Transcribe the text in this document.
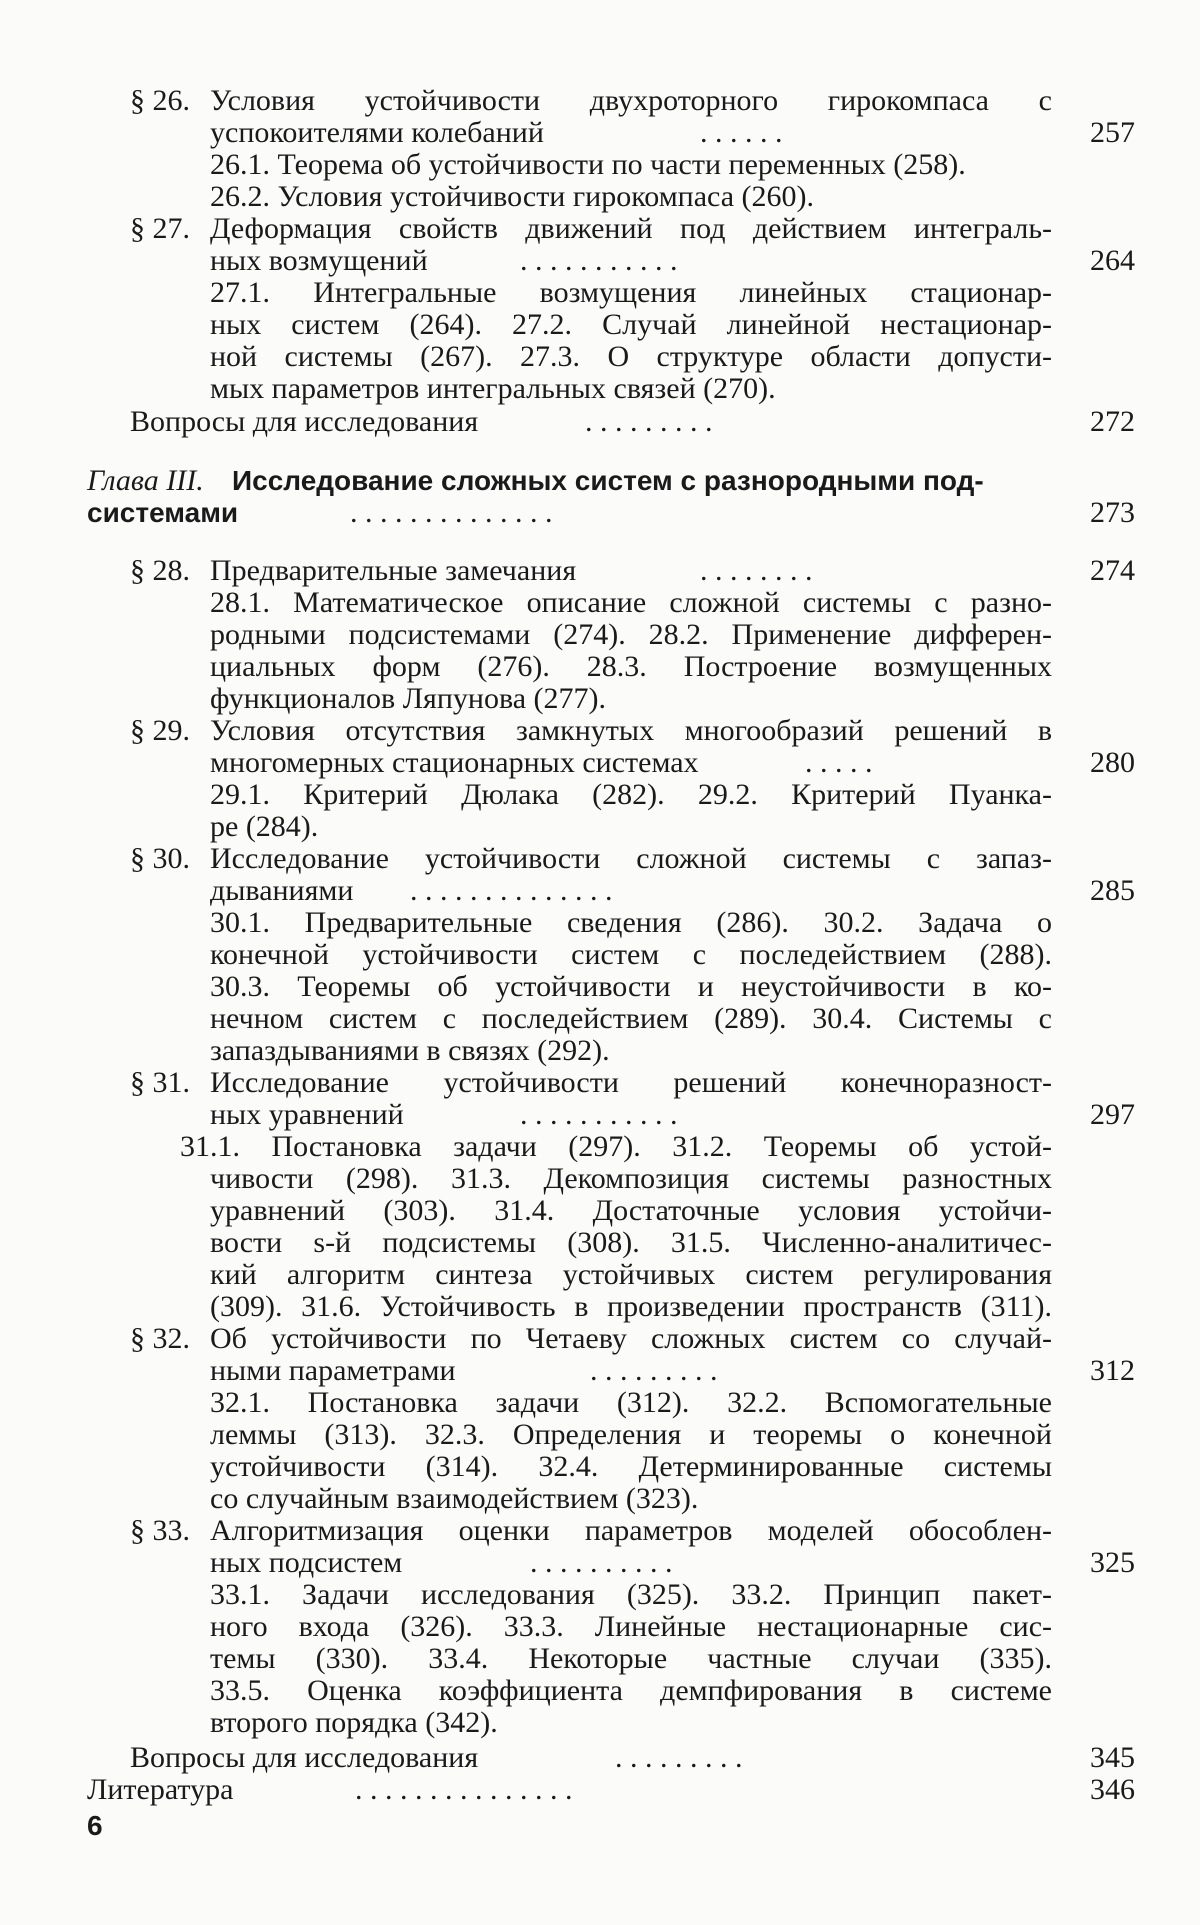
§ 26. Условия устойчивости двухроторного гирокомпаса с
успокоителями колебаний	. . . . . .	257
26.1. Теорема об устойчивости по части переменных (258).
26.2. Условия устойчивости гирокомпаса (260).
§ 27. Деформация свойств движений под действием интеграль-
ных возмущений	. . . . . . . . . . .	264
27.1. Интегральные возмущения линейных стационар-
ных систем (264). 27.2. Случай линейной нестационар-
ной системы (267). 27.3. О структуре области допусти-
мых параметров интегральных связей (270).
Вопросы для исследования	. . . . . . . . .	272
Глава III. Исследование сложных систем с разнородными под-
системами	. . . . . . . . . . . . . .	273
§ 28. Предварительные замечания	. . . . . . . .	274
28.1. Математическое описание сложной системы с разно-
родными подсистемами (274). 28.2. Применение дифферен-
циальных форм (276). 28.3. Построение возмущенных
функционалов Ляпунова (277).
§ 29. Условия отсутствия замкнутых многообразий решений в
многомерных стационарных системах	. . . . .	280
29.1. Критерий Дюлака (282). 29.2. Критерий Пуанка-
ре (284).
§ 30. Исследование устойчивости сложной системы с запаз-
дываниями . . . . . . . . . . . . . .	285
30.1. Предварительные сведения (286). 30.2. Задача о
конечной устойчивости систем с последействием (288).
30.3. Теоремы об устойчивости и неустойчивости в ко-
нечном систем с последействием (289). 30.4. Системы с
запаздываниями в связях (292).
§ 31. Исследование устойчивости решений конечноразност-
ных уравнений	. . . . . . . . . . .	297
31.1. Постановка задачи (297). 31.2. Теоремы об устой-
чивости (298). 31.3. Декомпозиция системы разностных
уравнений (303). 31.4. Достаточные условия устойчи-
вости s-й подсистемы (308). 31.5. Численно-аналитичес-
кий алгоритм синтеза устойчивых систем регулирования
(309). 31.6. Устойчивость в произведении пространств (311).
§ 32. Об устойчивости по Четаеву сложных систем со случай-
ными параметрами	. . . . . . . . .	312
32.1. Постановка задачи (312). 32.2. Вспомогательные
леммы (313). 32.3. Определения и теоремы о конечной
устойчивости (314). 32.4. Детерминированные системы
со случайным взаимодействием (323).
§ 33. Алгоритмизация оценки параметров моделей обособлен-
ных подсистем	. . . . . . . . . .	325
33.1. Задачи исследования (325). 33.2. Принцип пакет-
ного входа (326). 33.3. Линейные нестационарные сис-
темы (330). 33.4. Некоторые частные случаи (335).
33.5. Оценка коэффициента демпфирования в системе
второго порядка (342).
Вопросы для исследования	. . . . . . . . .	345
Литература	. . . . . . . . . . . . . . .	346
6
